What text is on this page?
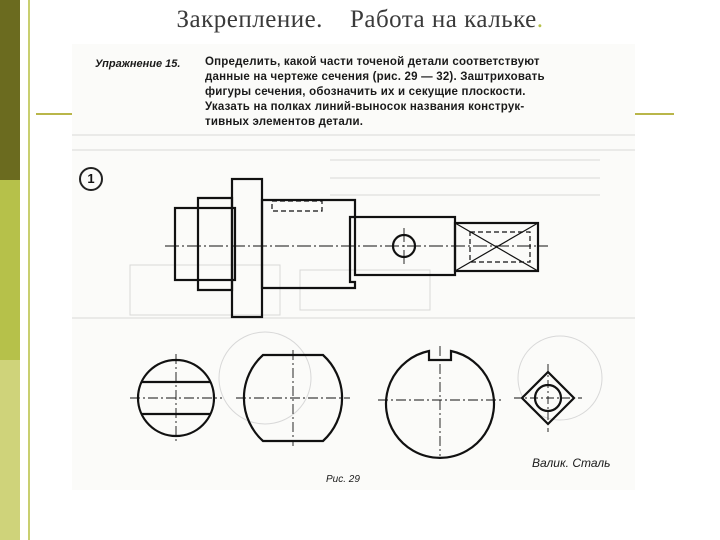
Закрепление. Работа на кальке.
Упражнение 15. Определить, какой части точеной детали соответствуют
данные на чертеже сечения (рис. 29 — 32). Заштриховать
фигуры сечения, обозначить их и секущие плоскости.
Указать на полках линий-выносок названия конструк-
тивных элементов детали.
1
Валик. Сталь
Рис. 29
